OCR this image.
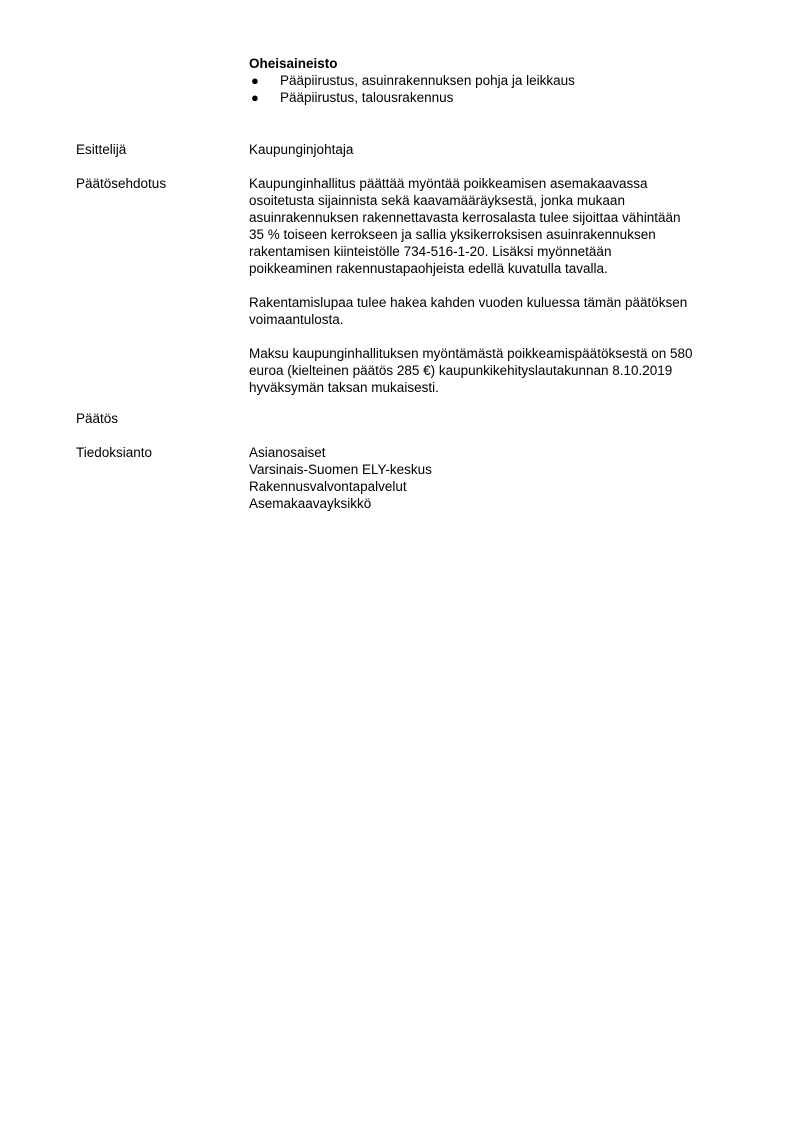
Oheisaineisto
● Pääpiirustus, asuinrakennuksen pohja ja leikkaus
● Pääpiirustus, talousrakennus
Esittelijä	Kaupunginjohtaja
Päätösehdotus	Kaupunginhallitus päättää myöntää poikkeamisen asemakaavassa
osoitetusta sijainnista sekä kaavamääräyksestä, jonka mukaan
asuinrakennuksen rakennettavasta kerrosalasta tulee sijoittaa vähintään
35 % toiseen kerrokseen ja sallia yksikerroksisen asuinrakennuksen
rakentamisen kiinteistölle 734-516-1-20. Lisäksi myönnetään
poikkeaminen rakennustapaohjeista edellä kuvatulla tavalla.

Rakentamislupaa tulee hakea kahden vuoden kuluessa tämän päätöksen
voimaantulosta.

Maksu kaupunginhallituksen myöntämästä poikkeamispäätöksestä on 580
euroa (kielteinen päätös 285 €) kaupunkikehityslautakunnan 8.10.2019
hyväksymän taksan mukaisesti.

Päätös
Tiedoksianto	Asianosaiset
Varsinais-Suomen ELY-keskus
Rakennusvalvontapalvelut
Asemakaavayksikkö
